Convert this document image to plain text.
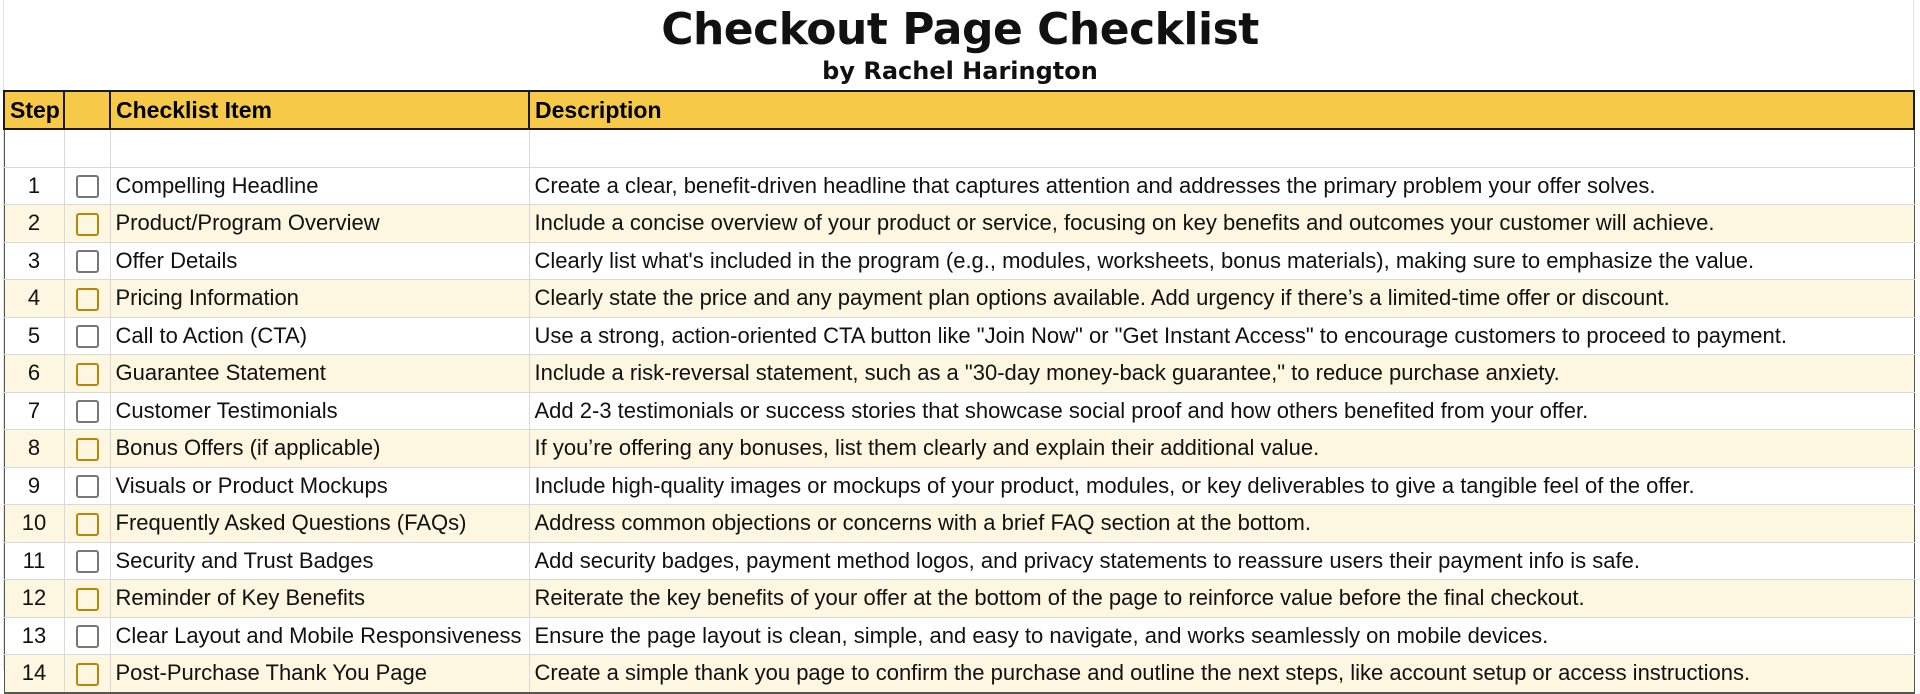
Checkout Page Checklist
by Rachel Harington
Step		Checklist Item	Description

1		Compelling Headline	Create a clear, benefit-driven headline that captures attention and addresses the primary problem your offer solves.
2		Product/Program Overview	Include a concise overview of your product or service, focusing on key benefits and outcomes your customer will achieve.
3		Offer Details	Clearly list what's included in the program (e.g., modules, worksheets, bonus materials), making sure to emphasize the value.
4		Pricing Information	Clearly state the price and any payment plan options available. Add urgency if there’s a limited-time offer or discount.
5		Call to Action (CTA)	Use a strong, action-oriented CTA button like "Join Now" or "Get Instant Access" to encourage customers to proceed to payment.
6		Guarantee Statement	Include a risk-reversal statement, such as a "30-day money-back guarantee," to reduce purchase anxiety.
7		Customer Testimonials	Add 2-3 testimonials or success stories that showcase social proof and how others benefited from your offer.
8		Bonus Offers (if applicable)	If you’re offering any bonuses, list them clearly and explain their additional value.
9		Visuals or Product Mockups	Include high-quality images or mockups of your product, modules, or key deliverables to give a tangible feel of the offer.
10		Frequently Asked Questions (FAQs)	Address common objections or concerns with a brief FAQ section at the bottom.
11		Security and Trust Badges	Add security badges, payment method logos, and privacy statements to reassure users their payment info is safe.
12		Reminder of Key Benefits	Reiterate the key benefits of your offer at the bottom of the page to reinforce value before the final checkout.
13		Clear Layout and Mobile Responsiveness	Ensure the page layout is clean, simple, and easy to navigate, and works seamlessly on mobile devices.
14		Post-Purchase Thank You Page	Create a simple thank you page to confirm the purchase and outline the next steps, like account setup or access instructions.
